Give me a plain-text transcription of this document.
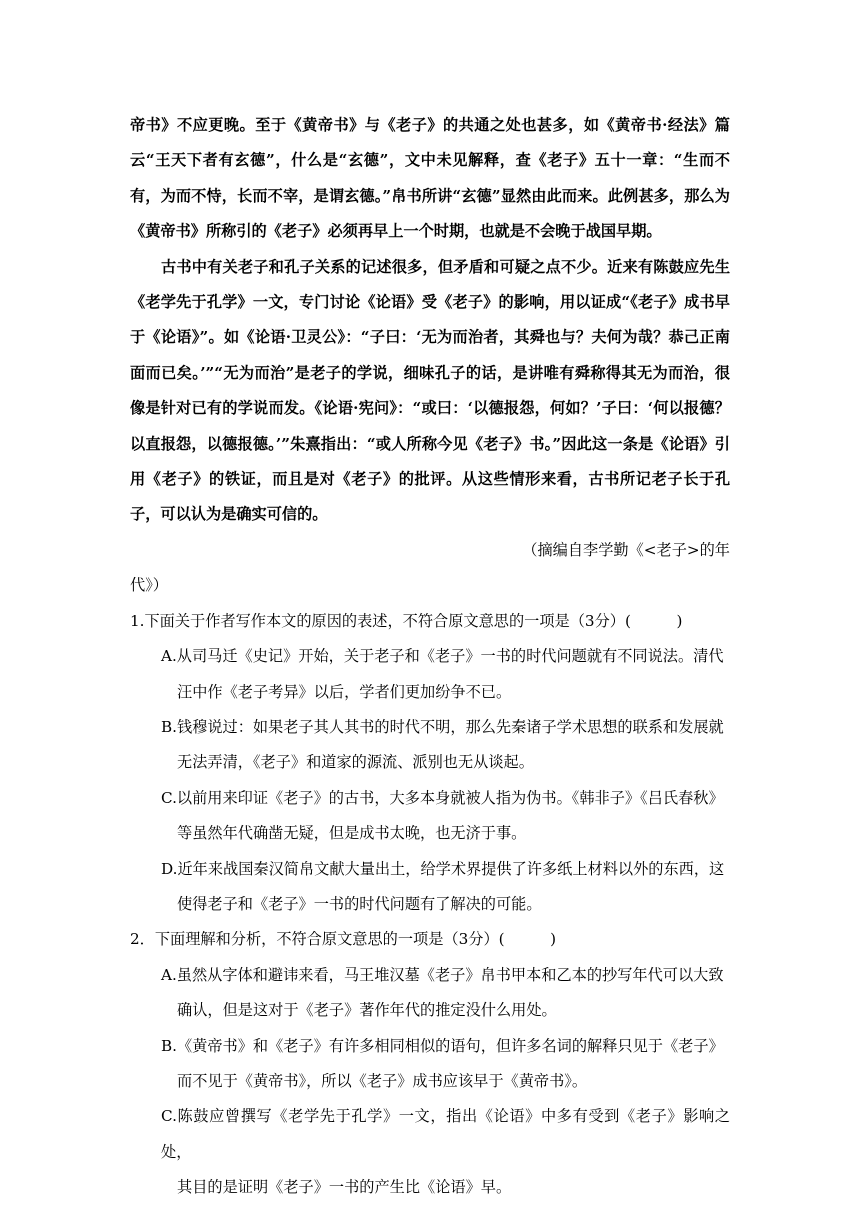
帝书》不应更晚。至于《黄帝书》与《老子》的共通之处也甚多，如《黄帝书·经法》篇云“王天下者有玄德”，什么是“玄德”，文中未见解释，查《老子》五十一章：“生而不有，为而不恃，长而不宰，是谓玄德。”帛书所讲“玄德”显然由此而来。此例甚多，那么为《黄帝书》所称引的《老子》必须再早上一个时期，也就是不会晚于战国早期。

古书中有关老子和孔子关系的记述很多，但矛盾和可疑之点不少。近来有陈鼓应先生《老学先于孔学》一文，专门讨论《论语》受《老子》的影响，用以证成“《老子》成书早于《论语》”。如《论语·卫灵公》：“子曰：‘无为而治者，其舜也与？夫何为哉？恭己正南面而已矣。’”“无为而治”是老子的学说，细味孔子的话，是讲唯有舜称得其无为而治，很像是针对已有的学说而发。《论语·宪问》：“或曰：‘以德报怨，何如？’子曰：‘何以报德？以直报怨，以德报德。’”朱熹指出：“或人所称今见《老子》书。”因此这一条是《论语》引用《老子》的铁证，而且是对《老子》的批评。从这些情形来看，古书所记老子长于孔子，可以认为是确实可信的。

（摘编自李学勤《<老子>的年

代》）

1.下面关于作者写作本文的原因的表述，不符合原文意思的一项是（3分）(　　　)

A.从司马迁《史记》开始，关于老子和《老子》一书的时代问题就有不同说法。清代
汪中作《老子考异》以后，学者们更加纷争不已。

B.钱穆说过：如果老子其人其书的时代不明，那么先秦诸子学术思想的联系和发展就
无法弄清，《老子》和道家的源流、派别也无从谈起。

C.以前用来印证《老子》的古书，大多本身就被人指为伪书。《韩非子》《吕氏春秋》
等虽然年代确凿无疑，但是成书太晚，也无济于事。

D.近年来战国秦汉简帛文献大量出土，给学术界提供了许多纸上材料以外的东西，这
使得老子和《老子》一书的时代问题有了解决的可能。

2．下面理解和分析，不符合原文意思的一项是（3分）(　　　)

A.虽然从字体和避讳来看，马王堆汉墓《老子》帛书甲本和乙本的抄写年代可以大致
确认，但是这对于《老子》著作年代的推定没什么用处。

B.《黄帝书》和《老子》有许多相同相似的语句，但许多名词的解释只见于《老子》
而不见于《黄帝书》，所以《老子》成书应该早于《黄帝书》。

C.陈鼓应曾撰写《老学先于孔学》一文，指出《论语》中多有受到《老子》影响之处，
其目的是证明《老子》一书的产生比《论语》早。
